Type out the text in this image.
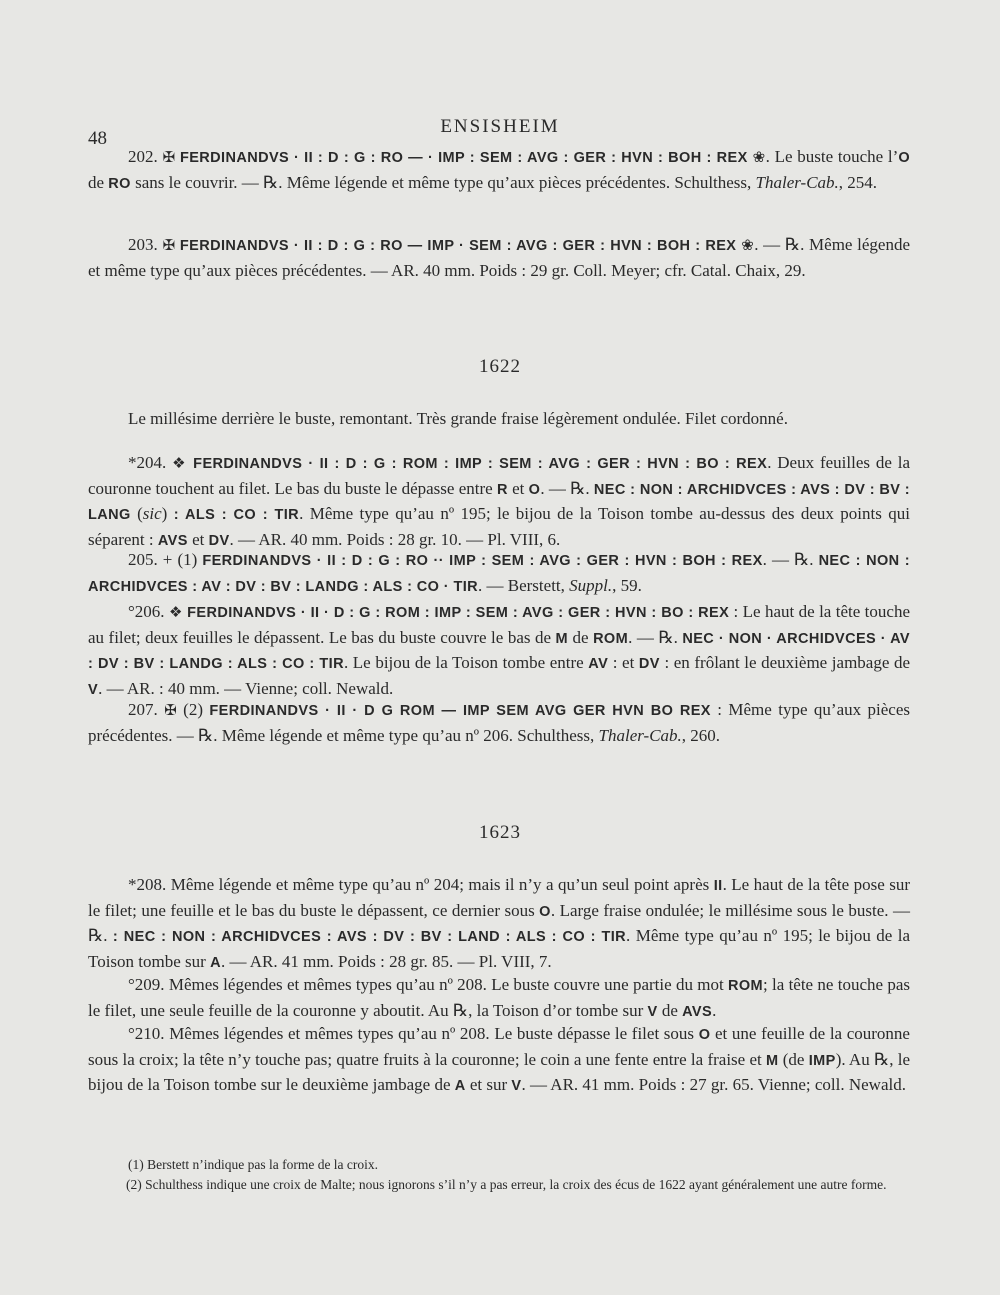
ENSISHEIM
48
202. ✠ FERDINANDVS · II : D : G : RO — · IMP : SEM : AVG : GER : HVN : BOH : REX ❀. Le buste touche l’O de RO sans le couvrir. — ℞. Même légende et même type qu’aux pièces précédentes. Schulthess, Thaler-Cab., 254.
203. ✠ FERDINANDVS · II : D : G : RO — IMP · SEM : AVG : GER : HVN : BOH : REX ❀. — ℞. Même légende et même type qu’aux pièces précédentes. — AR. 40 mm. Poids : 29 gr. Coll. Meyer; cfr. Catal. Chaix, 29.
1622
Le millésime derrière le buste, remontant. Très grande fraise légèrement ondulée. Filet cordonné.
*204. ❖ FERDINANDVS · II : D : G : ROM : IMP : SEM : AVG : GER : HVN : BO : REX. Deux feuilles de la couronne touchent au filet. Le bas du buste le dépasse entre R et O. — ℞. NEC : NON : ARCHIDVCES : AVS : DV : BV : LANG (sic) : ALS : CO : TIR. Même type qu’au nº 195; le bijou de la Toison tombe au-dessus des deux points qui séparent : AVS et DV. — AR. 40 mm. Poids : 28 gr. 10. — Pl. VIII, 6.
205. + (1) FERDINANDVS · II : D : G : RO ·· IMP : SEM : AVG : GER : HVN : BOH : REX. — ℞. NEC : NON : ARCHIDVCES : AV : DV : BV : LANDG : ALS : CO · TIR. — Berstett, Suppl., 59.
°206. ❖ FERDINANDVS · II · D : G : ROM : IMP : SEM : AVG : GER : HVN : BO : REX : Le haut de la tête touche au filet; deux feuilles le dépassent. Le bas du buste couvre le bas de M de ROM. — ℞. NEC · NON · ARCHIDVCES · AV : DV : BV : LANDG : ALS : CO : TIR. Le bijou de la Toison tombe entre AV : et DV : en frôlant le deuxième jambage de V. — AR. : 40 mm. — Vienne; coll. Newald.
207. ✠ (2) FERDINANDVS · II · D G ROM — IMP SEM AVG GER HVN BO REX : Même type qu’aux pièces précédentes. — ℞. Même légende et même type qu’au nº 206. Schulthess, Thaler-Cab., 260.
1623
*208. Même légende et même type qu’au nº 204; mais il n’y a qu’un seul point après II. Le haut de la tête pose sur le filet; une feuille et le bas du buste le dépassent, ce dernier sous O. Large fraise ondulée; le millésime sous le buste. — ℞. : NEC : NON : ARCHIDVCES : AVS : DV : BV : LAND : ALS : CO : TIR. Même type qu’au nº 195; le bijou de la Toison tombe sur A. — AR. 41 mm. Poids : 28 gr. 85. — Pl. VIII, 7.
°209. Mêmes légendes et mêmes types qu’au nº 208. Le buste couvre une partie du mot ROM; la tête ne touche pas le filet, une seule feuille de la couronne y aboutit. Au ℞, la Toison d’or tombe sur V de AVS.
°210. Mêmes légendes et mêmes types qu’au nº 208. Le buste dépasse le filet sous O et une feuille de la couronne sous la croix; la tête n’y touche pas; quatre fruits à la couronne; le coin a une fente entre la fraise et M (de IMP). Au ℞, le bijou de la Toison tombe sur le deuxième jambage de A et sur V. — AR. 41 mm. Poids : 27 gr. 65. Vienne; coll. Newald.
(1) Berstett n’indique pas la forme de la croix.
(2) Schulthess indique une croix de Malte; nous ignorons s’il n’y a pas erreur, la croix des écus de 1622 ayant généralement une autre forme.
